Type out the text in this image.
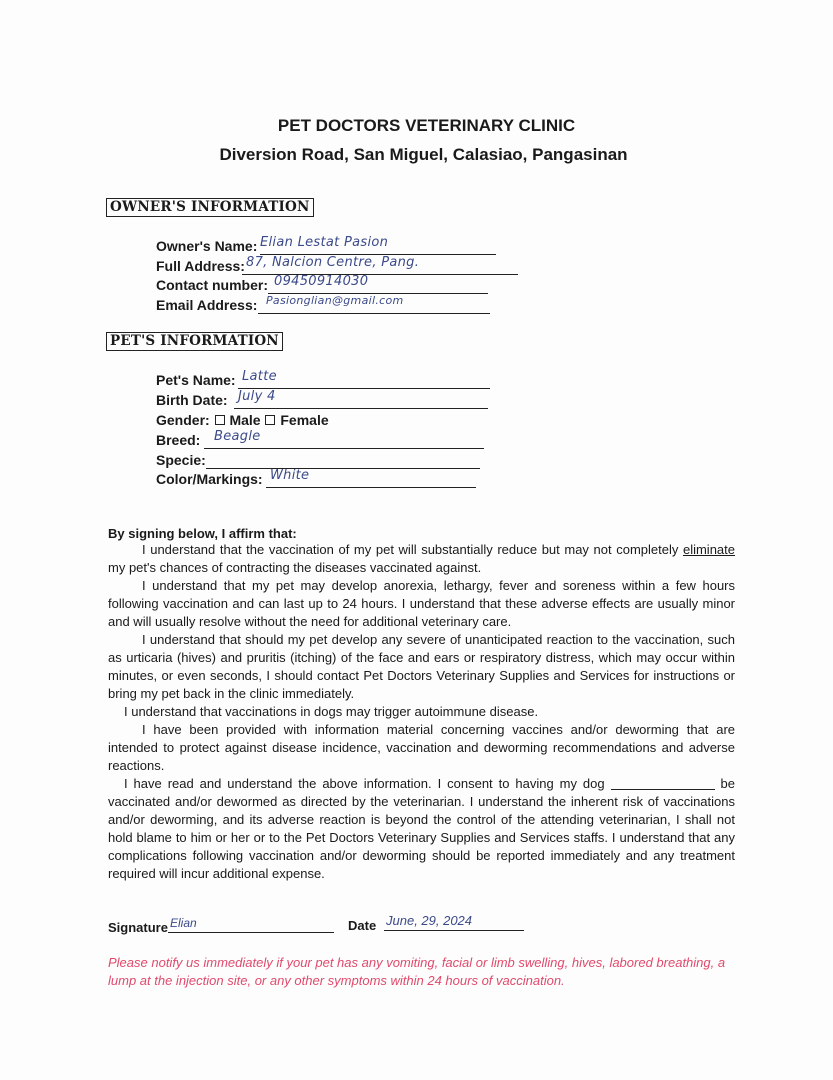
PET DOCTORS VETERINARY CLINIC
Diversion Road, San Miguel, Calasiao, Pangasinan
OWNER'S INFORMATION
Owner's Name: Elian Lestat Pasion
Full Address: 87, Nalcion Centre, Pang.
Contact number: 09450914030
Email Address: Pasionglian@gmail.com
PET'S INFORMATION
Pet's Name: Latte
Birth Date: July 4
Gender: Male Female
Breed: Beagle
Specie:
Color/Markings: White
By signing below, I affirm that:

I understand that the vaccination of my pet will substantially reduce but may not completely eliminate my pet's chances of contracting the diseases vaccinated against.

I understand that my pet may develop anorexia, lethargy, fever and soreness within a few hours following vaccination and can last up to 24 hours. I understand that these adverse effects are usually minor and will usually resolve without the need for additional veterinary care.

I understand that should my pet develop any severe of unanticipated reaction to the vaccination, such as urticaria (hives) and pruritis (itching) of the face and ears or respiratory distress, which may occur within minutes, or even seconds, I should contact Pet Doctors Veterinary Supplies and Services for instructions or bring my pet back in the clinic immediately.

I understand that vaccinations in dogs may trigger autoimmune disease.

I have been provided with information material concerning vaccines and/or deworming that are intended to protect against disease incidence, vaccination and deworming recommendations and adverse reactions.

I have read and understand the above information. I consent to having my dog	be vaccinated and/or dewormed as directed by the veterinarian. I understand the inherent risk of vaccinations and/or deworming, and its adverse reaction is beyond the control of the attending veterinarian, I shall not hold blame to him or her or to the Pet Doctors Veterinary Supplies and Services staffs. I understand that any complications following vaccination and/or deworming should be reported immediately and any treatment required will incur additional expense.

Signature Elian	Date June, 29, 2024
Please notify us immediately if your pet has any vomiting, facial or limb swelling, hives, labored breathing, a lump at the injection site, or any other symptoms within 24 hours of vaccination.
